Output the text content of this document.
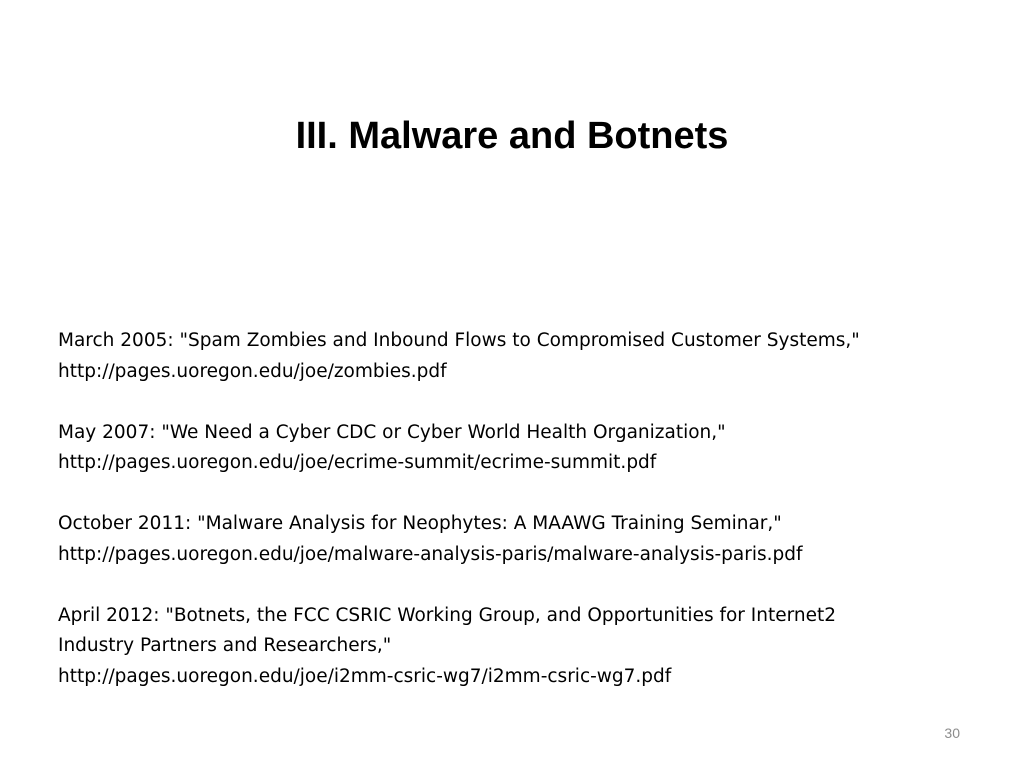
III. Malware and Botnets
March 2005: "Spam Zombies and Inbound Flows to Compromised Customer Systems,"
http://pages.uoregon.edu/joe/zombies.pdf
May 2007: "We Need a Cyber CDC or Cyber World Health Organization,"
http://pages.uoregon.edu/joe/ecrime-summit/ecrime-summit.pdf
October 2011: "Malware Analysis for Neophytes: A MAAWG Training Seminar,"
http://pages.uoregon.edu/joe/malware-analysis-paris/malware-analysis-paris.pdf
April 2012: "Botnets, the FCC CSRIC Working Group, and Opportunities for Internet2
Industry Partners and Researchers,"
http://pages.uoregon.edu/joe/i2mm-csric-wg7/i2mm-csric-wg7.pdf
30
